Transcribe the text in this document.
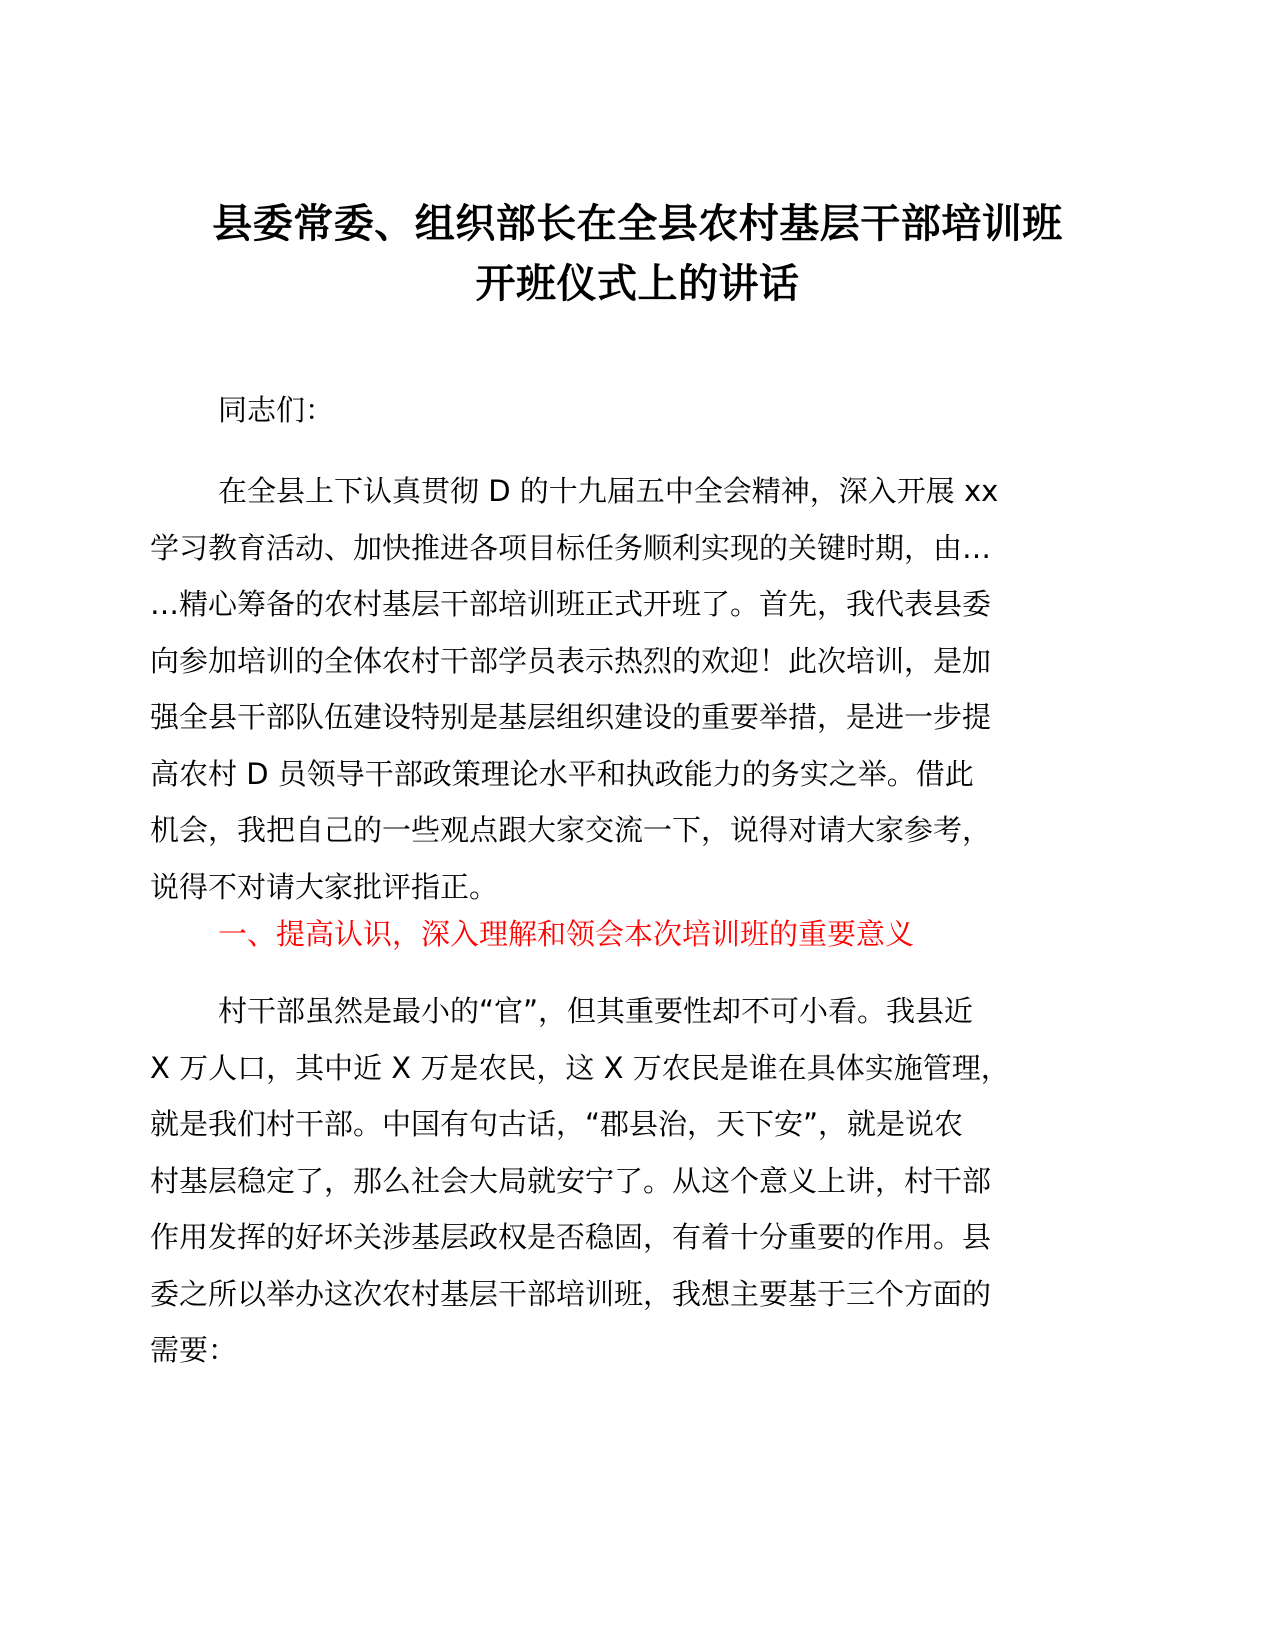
县委常委、组织部长在全县农村基层干部培训班
开班仪式上的讲话

同志们：

在全县上下认真贯彻 D 的十九届五中全会精神，深入开展 xx
学习教育活动、加快推进各项目标任务顺利实现的关键时期，由…
…精心筹备的农村基层干部培训班正式开班了。首先，我代表县委
向参加培训的全体农村干部学员表示热烈的欢迎！此次培训，是加
强全县干部队伍建设特别是基层组织建设的重要举措，是进一步提
高农村 D 员领导干部政策理论水平和执政能力的务实之举。借此
机会，我把自己的一些观点跟大家交流一下，说得对请大家参考，
说得不对请大家批评指正。

一、提高认识，深入理解和领会本次培训班的重要意义

村干部虽然是最小的“官”，但其重要性却不可小看。我县近
X 万人口，其中近 X 万是农民，这 X 万农民是谁在具体实施管理，
就是我们村干部。中国有句古话，“郡县治，天下安”，就是说农
村基层稳定了，那么社会大局就安宁了。从这个意义上讲，村干部
作用发挥的好坏关涉基层政权是否稳固，有着十分重要的作用。县
委之所以举办这次农村基层干部培训班，我想主要基于三个方面的
需要：
